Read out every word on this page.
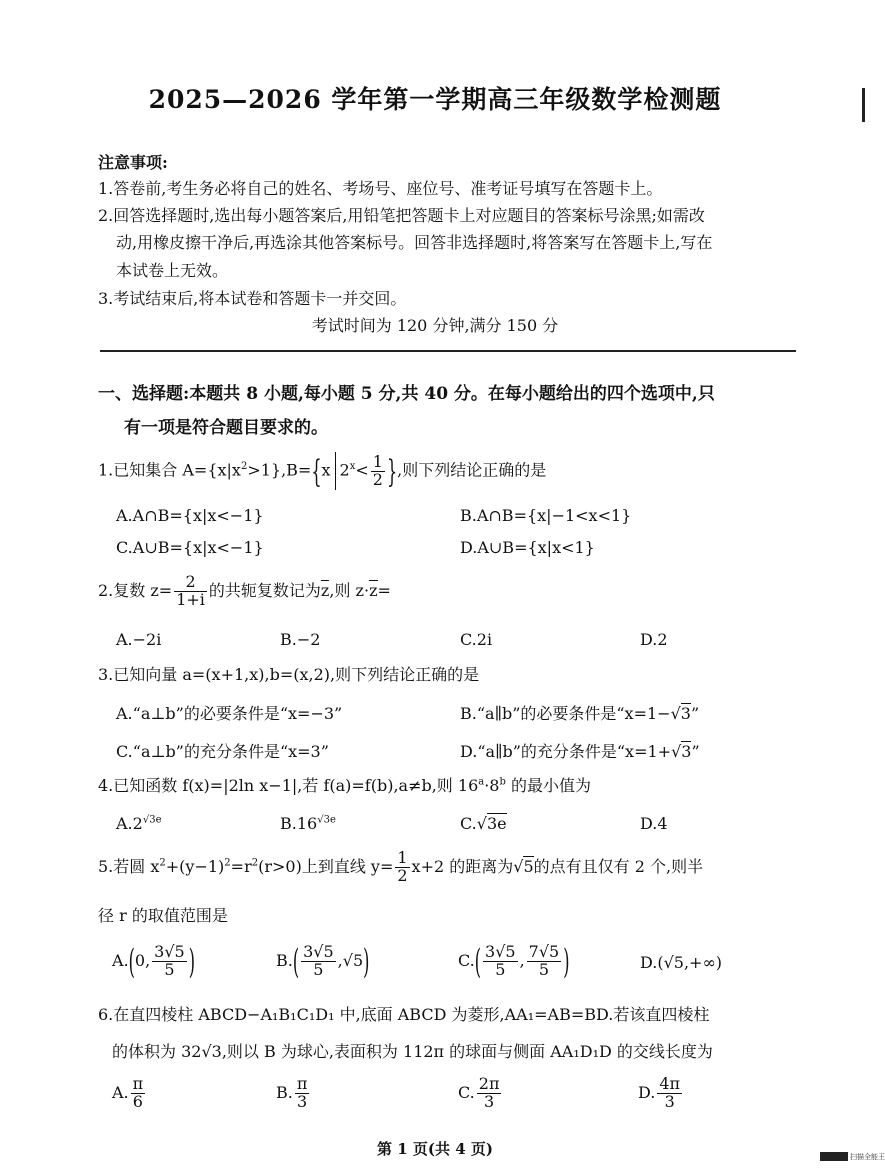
2025—2026 学年第一学期高三年级数学检测题
注意事项:
1.答卷前,考生务必将自己的姓名、考场号、座位号、准考证号填写在答题卡上。
2.回答选择题时,选出每小题答案后,用铅笔把答题卡上对应题目的答案标号涂黑;如需改
动,用橡皮擦干净后,再选涂其他答案标号。回答非选择题时,将答案写在答题卡上,写在
本试卷上无效。
3.考试结束后,将本试卷和答题卡一并交回。
考试时间为 120 分钟,满分 150 分
一、选择题:本题共 8 小题,每小题 5 分,共 40 分。在每小题给出的四个选项中,只
有一项是符合题目要求的。
1.已知集合 $A=\{x|x^2>1\},B=\{x$ $2^x< \frac{1}{2}$ },则下列结论正确的是
A.A∩B={x|x<−1}	B.A∩B={x|−1<x<1}
C.A∪B={x|x<−1}	D.A∪B={x|x<1}
2.复数 $z= \frac{2}{1+i}$ 的共轭复数记为z,则 z·z=
A.−2i	B.−2	C.2i	D.2
3.已知向量 a=(x+1,x),b=(x,2),则下列结论正确的是
A.“a⊥b”的必要条件是“x=−3”	B.“a∥b”的必要条件是“x=1−√3”
C.“a⊥b”的充分条件是“x=3”	D.“a∥b”的充分条件是“x=1+√3”
4.已知函数 f(x)=|2ln x−1|,若 f(a)=f(b),a≠b,则 $16^a\cdot 8^b$ 的最小值为
$A.2^{√3e}$	$B.16^{√3e}$	C.√3e	D.4
5.若圆 $x^2+(y-1)^2=r^2(r>0)$上到直线 $y= \frac{1}{2} x+2$ 的距离为√5的点有且仅有 2 个,则半
径 r 的取值范围是
A.(0, $\frac{3√5}{5}$ )	$B.( \frac{3√5}{5} ,√5)$	$C.( \frac{3√5}{5}$ , $\frac{7√5}{5}$ )	D.(√5,+∞)
6.在直四棱柱 ABCD−A₁B₁C₁D₁ 中,底面 ABCD 为菱形,AA₁=AB=BD.若该直四棱柱
的体积为 32√3,则以 B 为球心,表面积为 112π 的球面与侧面 AA₁D₁D 的交线长度为
A. $\frac{\pi}{6}$	B. $\frac{\pi}{3}$	C. $\frac{2\pi}{3}$	D. $\frac{4\pi}{3}$
第 1 页(共 4 页)	扫描全能王
